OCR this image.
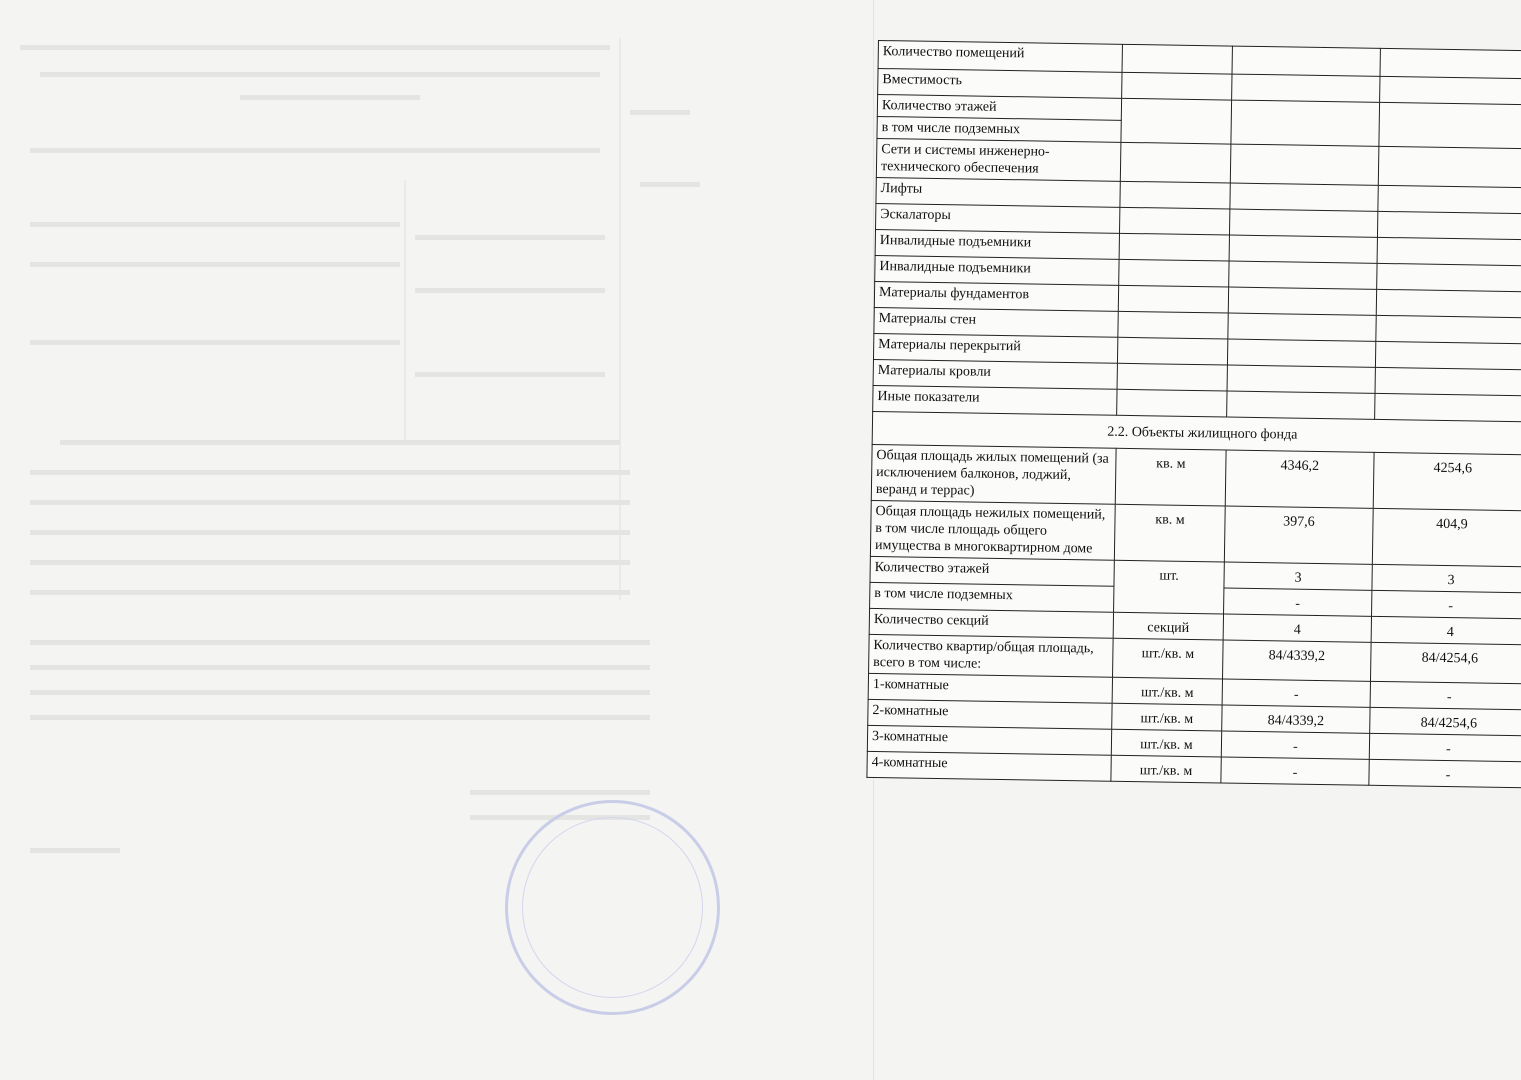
Количество помещений			
Вместимость			
Количество этажей			
в том числе подземных			
Сети и системы инженерно-технического обеспечения			
Лифты			
Эскалаторы			
Инвалидные подъемники			
Инвалидные подъемники			
Материалы фундаментов			
Материалы стен			
Материалы перекрытий			
Материалы кровли			
Иные показатели			
2.2. Объекты жилищного фонда			
Общая площадь жилых помещений (за исключением балконов, лоджий, веранд и террас)	кв. м	4346,2	4254,6
Общая площадь нежилых помещений, в том числе площадь общего имущества в многоквартирном доме	кв. м	397,6	404,9
Количество этажей	шт.	3	3
в том числе подземных		-	-
Количество секций	секций	4	4
Количество квартир/общая площадь, всего в том числе:	шт./кв. м	84/4339,2	84/4254,6
1-комнатные	шт./кв. м	-	-
2-комнатные	шт./кв. м	84/4339,2	84/4254,6
3-комнатные	шт./кв. м	-	-
4-комнатные	шт./кв. м	-	-
